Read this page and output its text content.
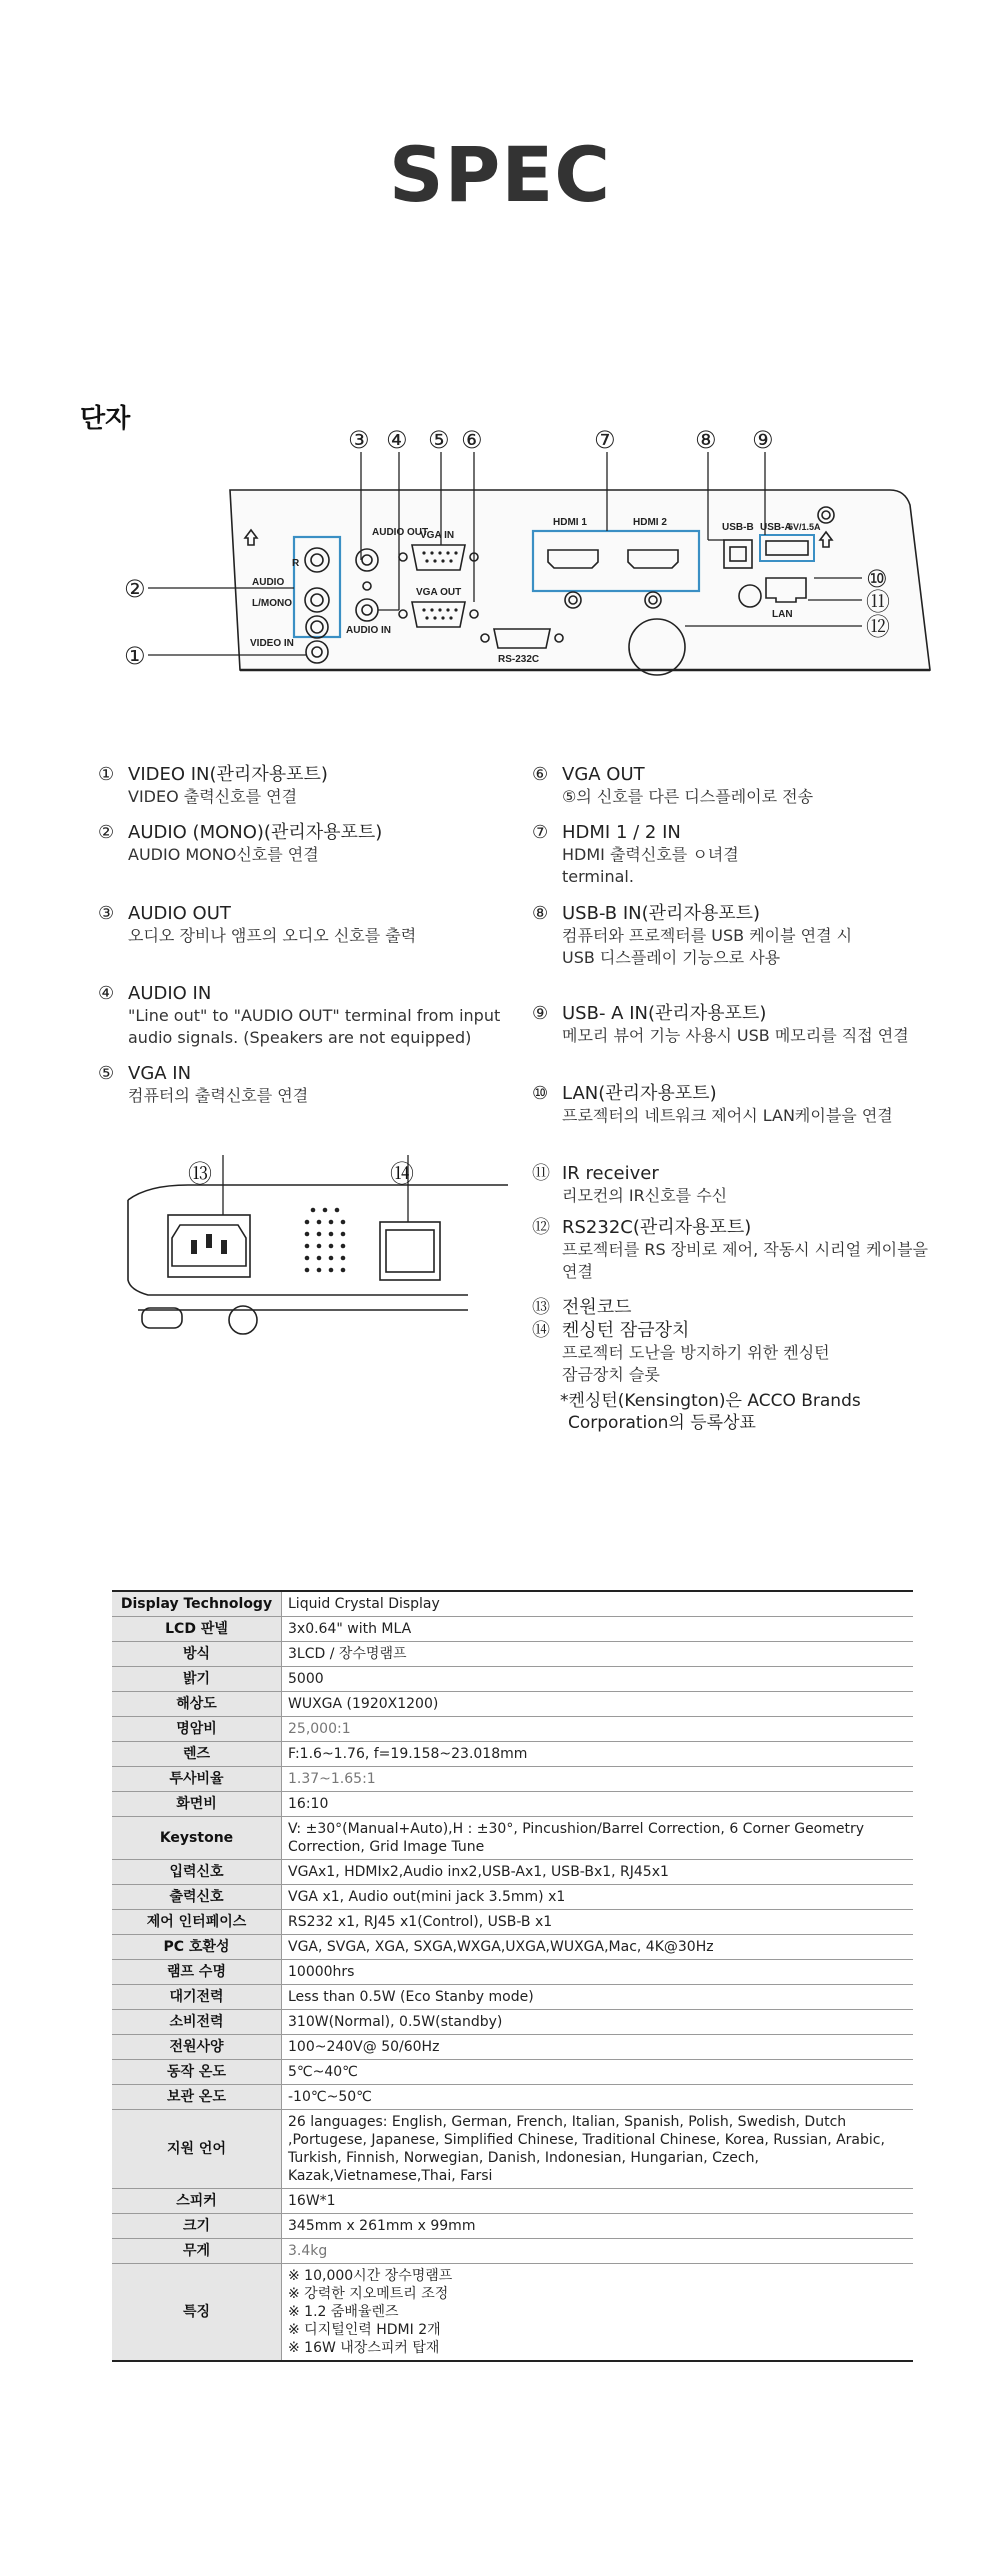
SPEC
단자
AUDIO OUT
VGA IN
VGA OUT
AUDIO
L/MONO
R
VIDEO IN
AUDIO IN
HDMI 1	HDMI 2	USB-B USB-A
5V/1.5A
LAN
RS-232C
③ ④ ⑤ ⑥	⑦	⑧ ⑨
⑩
⑪
⑫
②
①
⑬	⑭
① VIDEO IN(관리자용포트)
VIDEO 출력신호를 연결
② AUDIO (MONO)(관리자용포트)
AUDIO MONO신호를 연결
③ AUDIO OUT
오디오 장비나 앰프의 오디오 신호를 출력
④ AUDIO IN
"Line out" to "AUDIO OUT" terminal from input
audio signals. (Speakers are not equipped)
⑤ VGA IN
컴퓨터의 출력신호를 연결
⑥ VGA OUT
⑤의 신호를 다른 디스플레이로 전송
⑦ HDMI 1 / 2 IN
HDMI 출력신호를 ㅇ녀결
terminal.
⑧ USB-B IN(관리자용포트)
컴퓨터와 프로젝터를 USB 케이블 연결 시
USB 디스플레이 기능으로 사용
⑨ USB- A IN(관리자용포트)
메모리 뷰어 기능 사용시 USB 메모리를 직접 연결
⑩ LAN(관리자용포트)
프로젝터의 네트워크 제어시 LAN케이블을 연결
⑪ IR receiver
리모컨의 IR신호를 수신
⑫ RS232C(관리자용포트)
프로젝터를 RS 장비로 제어, 작동시 시리얼 케이블을
연결
⑬ 전원코드
⑭ 켄싱턴 잠금장치
프로젝터 도난을 방지하기 위한 켄싱턴
잠금장치 슬롯
*켄싱턴(Kensington)은 ACCO Brands
Corporation의 등록상표
Display Technology	Liquid Crystal Display

LCD 판넬	3x0.64" with MLA

방식	3LCD / 장수명램프

밝기	5000

해상도	WUXGA (1920X1200)

명암비	25,000:1

렌즈	F:1.6~1.76, f=19.158~23.018mm

투사비율	1.37~1.65:1

화면비	16:10

Keystone	V: ±30°(Manual+Auto),H : ±30°, Pincushion/Barrel Correction, 6 Corner Geometry
Correction, Grid Image Tune

입력신호	VGAx1, HDMIx2,Audio inx2,USB-Ax1, USB-Bx1, RJ45x1

출력신호	VGA x1, Audio out(mini jack 3.5mm) x1

제어 인터페이스	RS232 x1, RJ45 x1(Control), USB-B x1

PC 호환성	VGA, SVGA, XGA, SXGA,WXGA,UXGA,WUXGA,Mac, 4K@30Hz

램프 수명	10000hrs

대기전력	Less than 0.5W (Eco Stanby mode)

소비전력	310W(Normal), 0.5W(standby)

전원사양	100~240V@ 50/60Hz

동작 온도	5℃~40℃

보관 온도	-10℃~50℃

지원 언어	26 languages: English, German, French, Italian, Spanish, Polish, Swedish, Dutch
,Portugese, Japanese, Simplified Chinese, Traditional Chinese, Korea, Russian, Arabic,
Turkish, Finnish, Norwegian, Danish, Indonesian, Hungarian, Czech,
Kazak,Vietnamese,Thai, Farsi

스피커	16W*1

크기	345mm x 261mm x 99mm

무게	3.4kg

특징	※ 10,000시간 장수명램프
※ 강력한 지오메트리 조정
※ 1.2 줌배율렌즈
※ 디지털인력 HDMI 2개
※ 16W 내장스피커 탑재
